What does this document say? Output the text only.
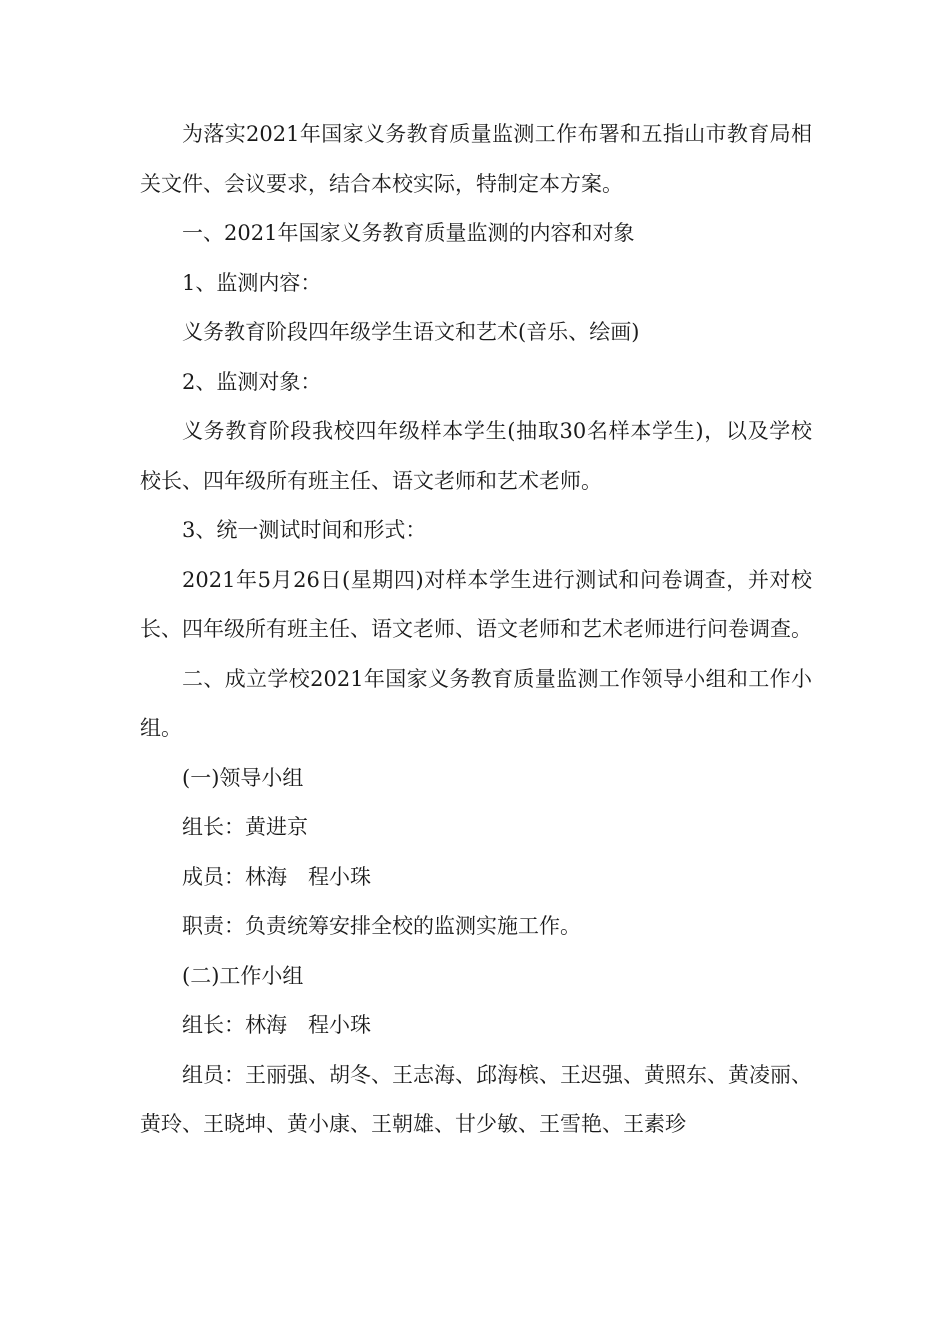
为落实2021年国家义务教育质量监测工作布署和五指山市教育局相关文件、会议要求，结合本校实际，特制定本方案。

一、2021年国家义务教育质量监测的内容和对象

1、监测内容：

义务教育阶段四年级学生语文和艺术(音乐、绘画)

2、监测对象：

义务教育阶段我校四年级样本学生(抽取30名样本学生)，以及学校校长、四年级所有班主任、语文老师和艺术老师。

3、统一测试时间和形式：

2021年5月26日(星期四)对样本学生进行测试和问卷调查，并对校长、四年级所有班主任、语文老师、语文老师和艺术老师进行问卷调查。

二、成立学校2021年国家义务教育质量监测工作领导小组和工作小组。

(一)领导小组

组长：黄进京

成员：林海　程小珠

职责：负责统筹安排全校的监测实施工作。

(二)工作小组

组长：林海　程小珠

组员：王丽强、胡冬、王志海、邱海槟、王迟强、黄照东、黄凌丽、黄玲、王晓坤、黄小康、王朝雄、甘少敏、王雪艳、王素珍
